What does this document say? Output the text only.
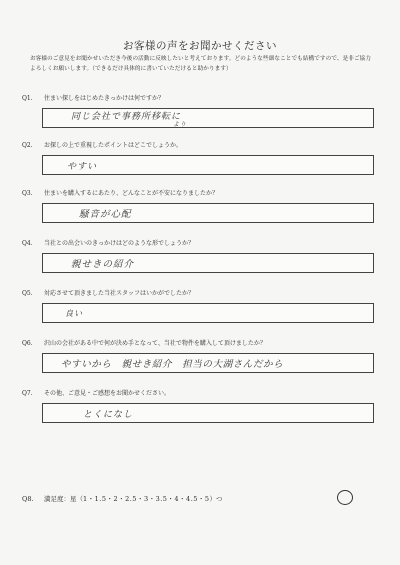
お客様の声をお聞かせください
お客様のご意見をお聞かせいただき今後の活動に反映したいと考えております。どのような些細なことでも結構ですので、是非ご協力よろしくお願いします。（できるだけ具体的に書いていただけると助かります）
Q1. 住まい探しをはじめたきっかけは何ですか？
同じ会社で事務所移転に
より
Q2. お探しの上で重視したポイントはどこでしょうか。
やすい
Q3. 住まいを購入するにあたり、どんなことが不安になりましたか？
騒音が心配
Q4. 当社との出会いのきっかけはどのような形でしょうか？
親せきの紹介
Q5. 対応させて頂きました当社スタッフはいかがでしたか？
良い
Q6. 沢山の会社がある中で何が決め手となって、当社で物件を購入して頂けましたか？
やすいから　親せき紹介　担当の大湖さんだから
Q7. その他、ご意見・ご感想をお聞かせください。
とくになし
Q8. 満足度：星（1・1.5・2・2.5・3・3.5・4・4.5・5）つ
